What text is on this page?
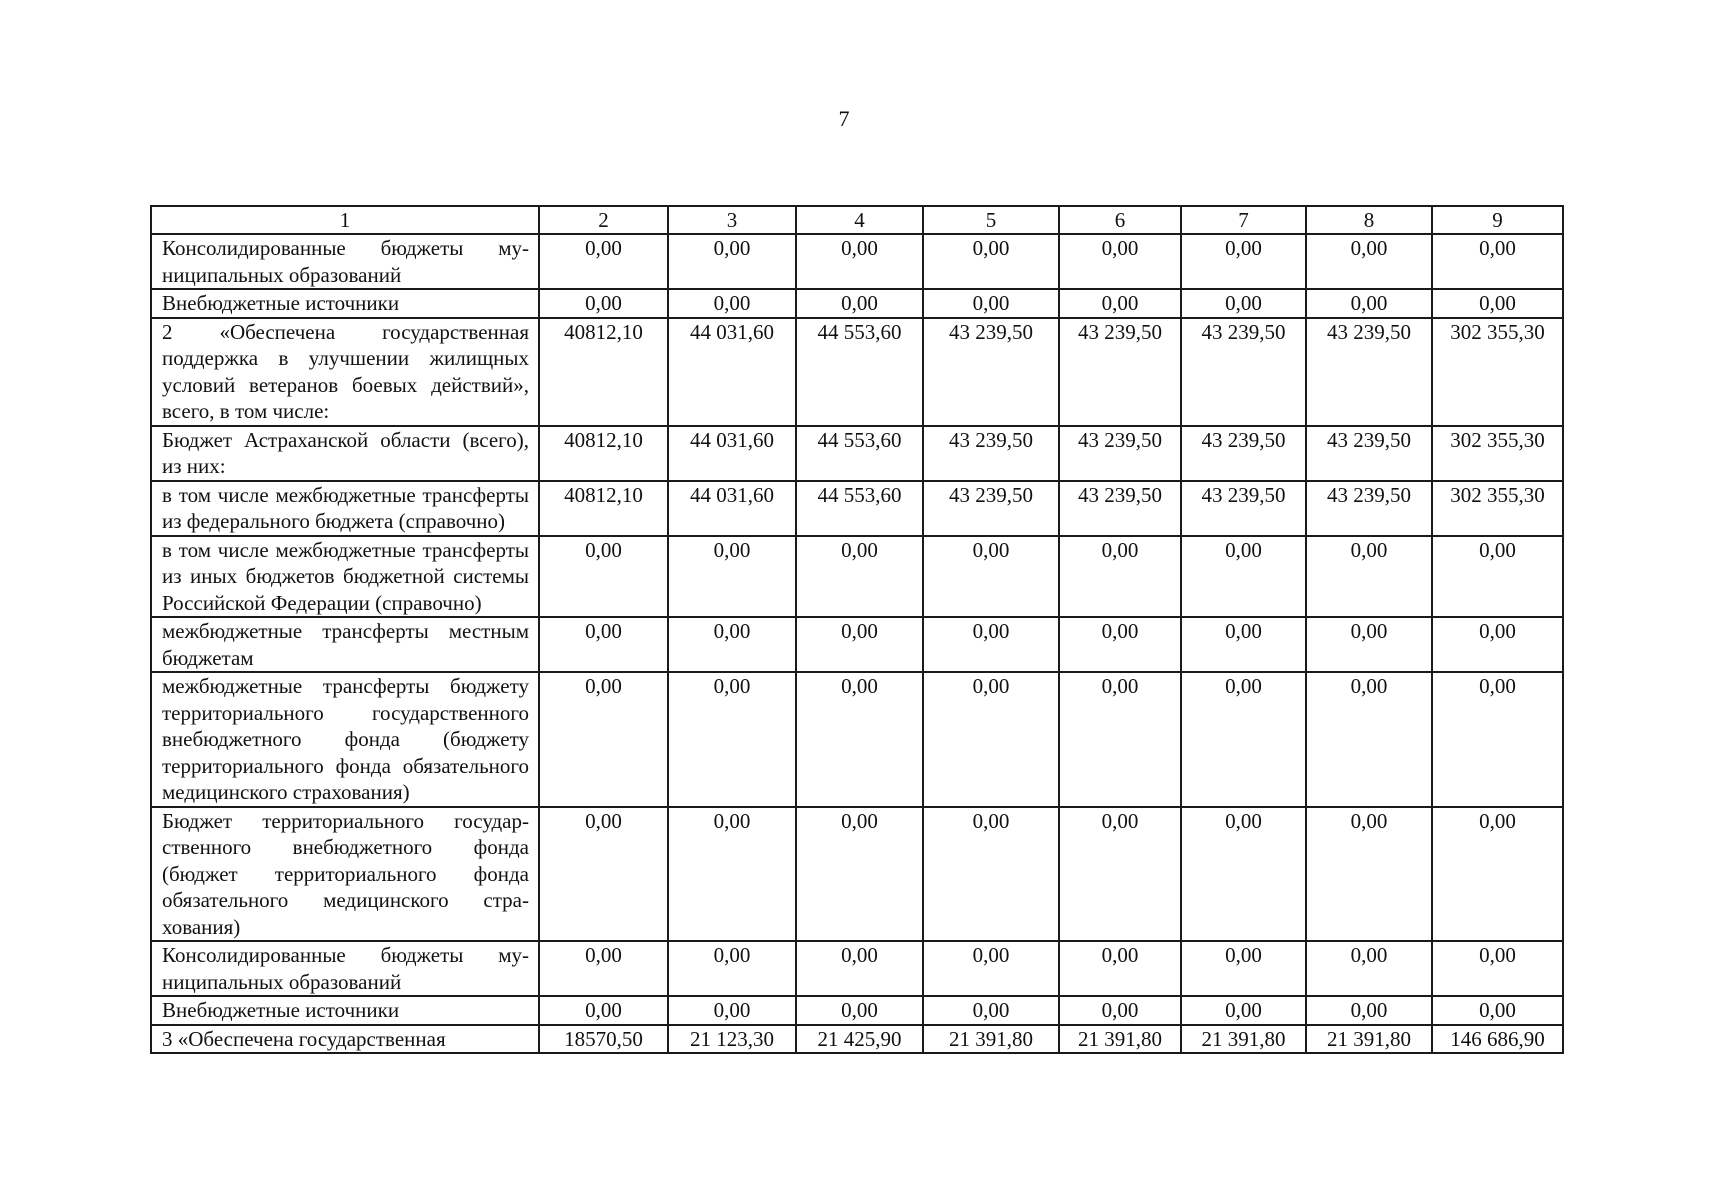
7
1	2	3	4	5	6	7	8	9
Консолидированные бюджеты муниципальных образований	0,00	0,00	0,00	0,00	0,00	0,00	0,00	0,00
Внебюджетные источники	0,00	0,00	0,00	0,00	0,00	0,00	0,00	0,00
2 «Обеспечена государственная поддержка в улучшении жилищных условий ветеранов боевых действий», всего, в том числе:	40812,10	44 031,60	44 553,60	43 239,50	43 239,50	43 239,50	43 239,50	302 355,30
Бюджет Астраханской области (всего), из них:	40812,10	44 031,60	44 553,60	43 239,50	43 239,50	43 239,50	43 239,50	302 355,30
в том числе межбюджетные трансферты из федерального бюджета (справочно)	40812,10	44 031,60	44 553,60	43 239,50	43 239,50	43 239,50	43 239,50	302 355,30
в том числе межбюджетные трансферты из иных бюджетов бюджетной системы Российской Федерации (справочно)	0,00	0,00	0,00	0,00	0,00	0,00	0,00	0,00
межбюджетные трансферты местным бюджетам	0,00	0,00	0,00	0,00	0,00	0,00	0,00	0,00
межбюджетные трансферты бюджету территориального государственного внебюджетного фонда (бюджету территориального фонда обязательного медицинского страхования)	0,00	0,00	0,00	0,00	0,00	0,00	0,00	0,00
Бюджет территориального государственного внебюджетного фонда (бюджет территориального фонда обязательного медицинского страхования)	0,00	0,00	0,00	0,00	0,00	0,00	0,00	0,00
Консолидированные бюджеты муниципальных образований	0,00	0,00	0,00	0,00	0,00	0,00	0,00	0,00
Внебюджетные источники	0,00	0,00	0,00	0,00	0,00	0,00	0,00	0,00
3 «Обеспечена государственная	18570,50	21 123,30	21 425,90	21 391,80	21 391,80	21 391,80	21 391,80	146 686,90
